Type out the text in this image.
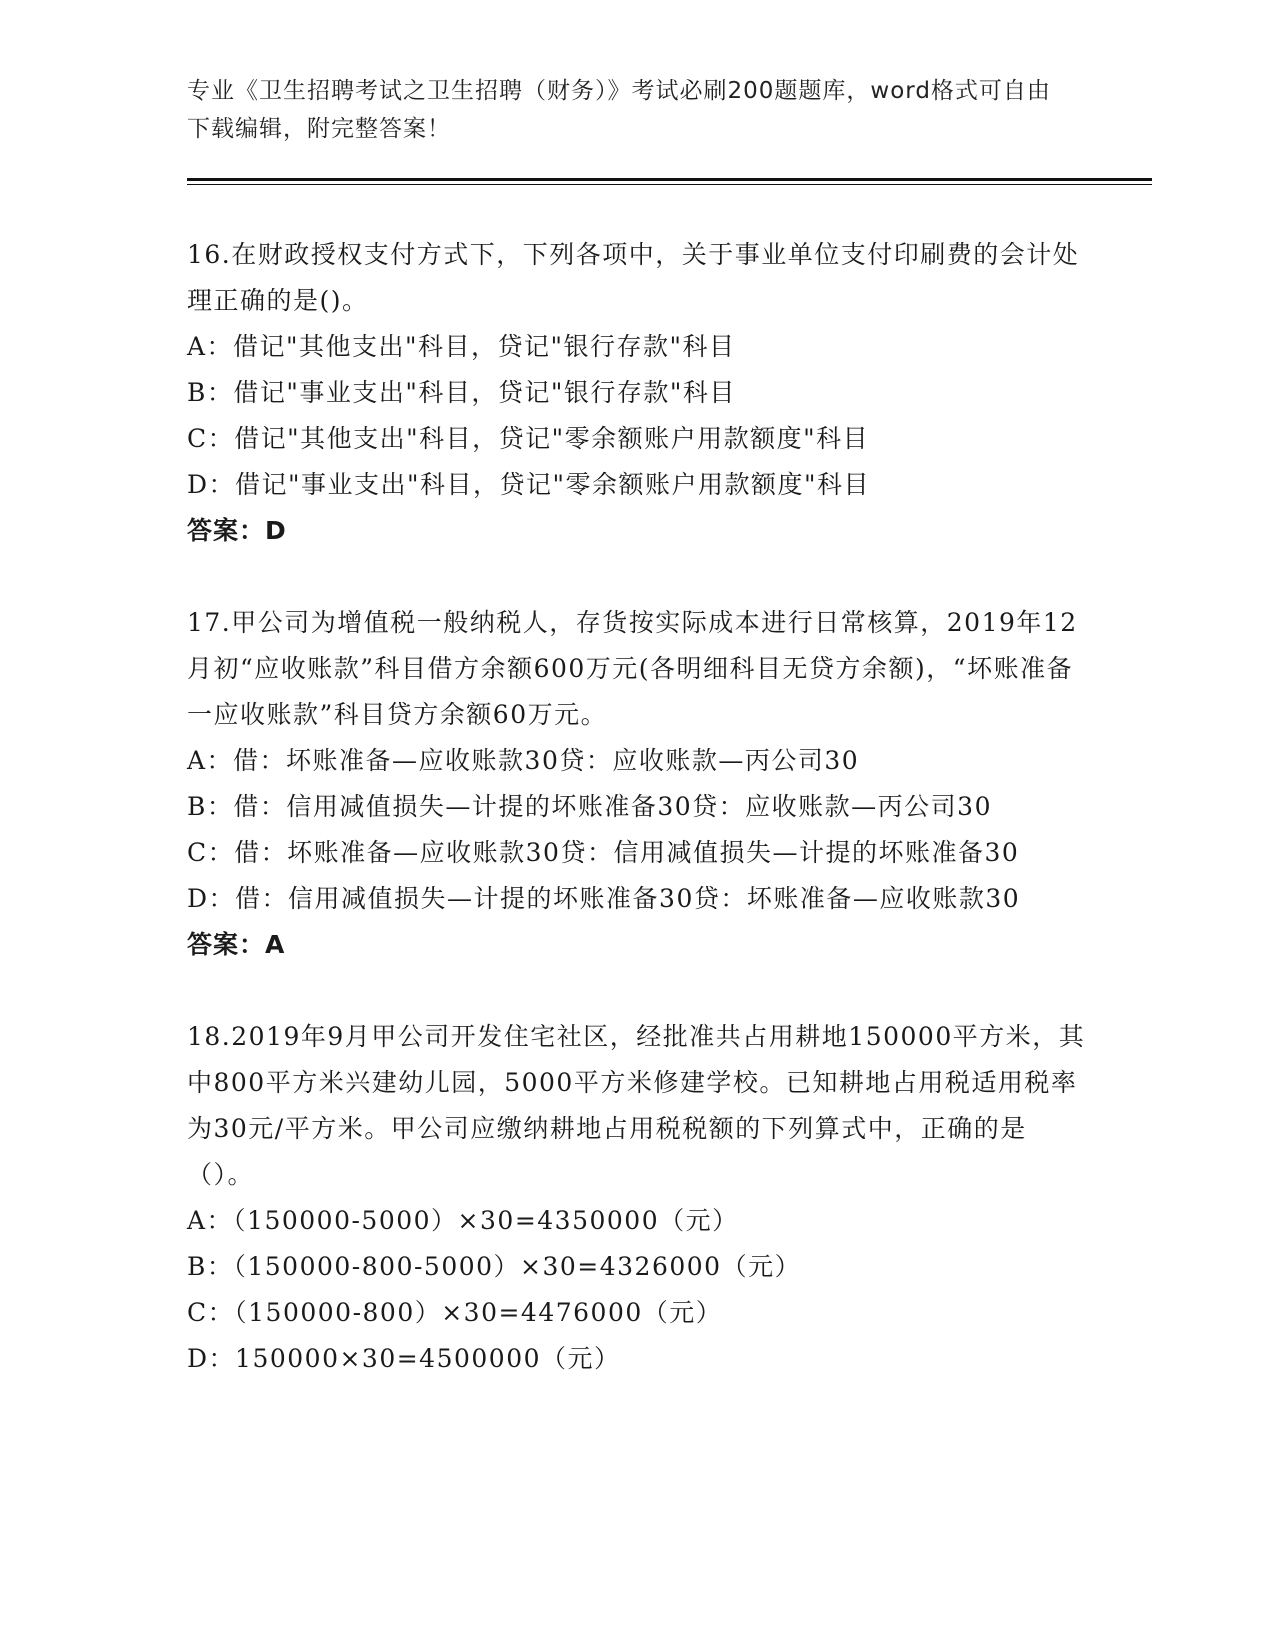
专业《卫生招聘考试之卫生招聘（财务）》考试必刷200题题库，word格式可自由下载编辑，附完整答案！

16.在财政授权支付方式下，下列各项中，关于事业单位支付印刷费的会计处理正确的是()。

A：借记"其他支出"科目，贷记"银行存款"科目

B：借记"事业支出"科目，贷记"银行存款"科目

C：借记"其他支出"科目，贷记"零余额账户用款额度"科目

D：借记"事业支出"科目，贷记"零余额账户用款额度"科目

答案：D

17.甲公司为增值税一般纳税人，存货按实际成本进行日常核算，2019年12月初“应收账款”科目借方余额600万元(各明细科目无贷方余额)，“坏账准备一应收账款”科目贷方余额60万元。

A：借：坏账准备—应收账款30贷：应收账款—丙公司30

B：借：信用减值损失—计提的坏账准备30贷：应收账款—丙公司30

C：借：坏账准备—应收账款30贷：信用减值损失—计提的坏账准备30

D：借：信用减值损失—计提的坏账准备30贷：坏账准备—应收账款30

答案：A

18.2019年9月甲公司开发住宅社区，经批准共占用耕地150000平方米，其中800平方米兴建幼儿园，5000平方米修建学校。已知耕地占用税适用税率为30元/平方米。甲公司应缴纳耕地占用税税额的下列算式中，正确的是（）。

A：（150000-5000）×30=4350000（元）

B：（150000-800-5000）×30=4326000（元）

C：（150000-800）×30=4476000（元）

D：150000×30=4500000（元）
